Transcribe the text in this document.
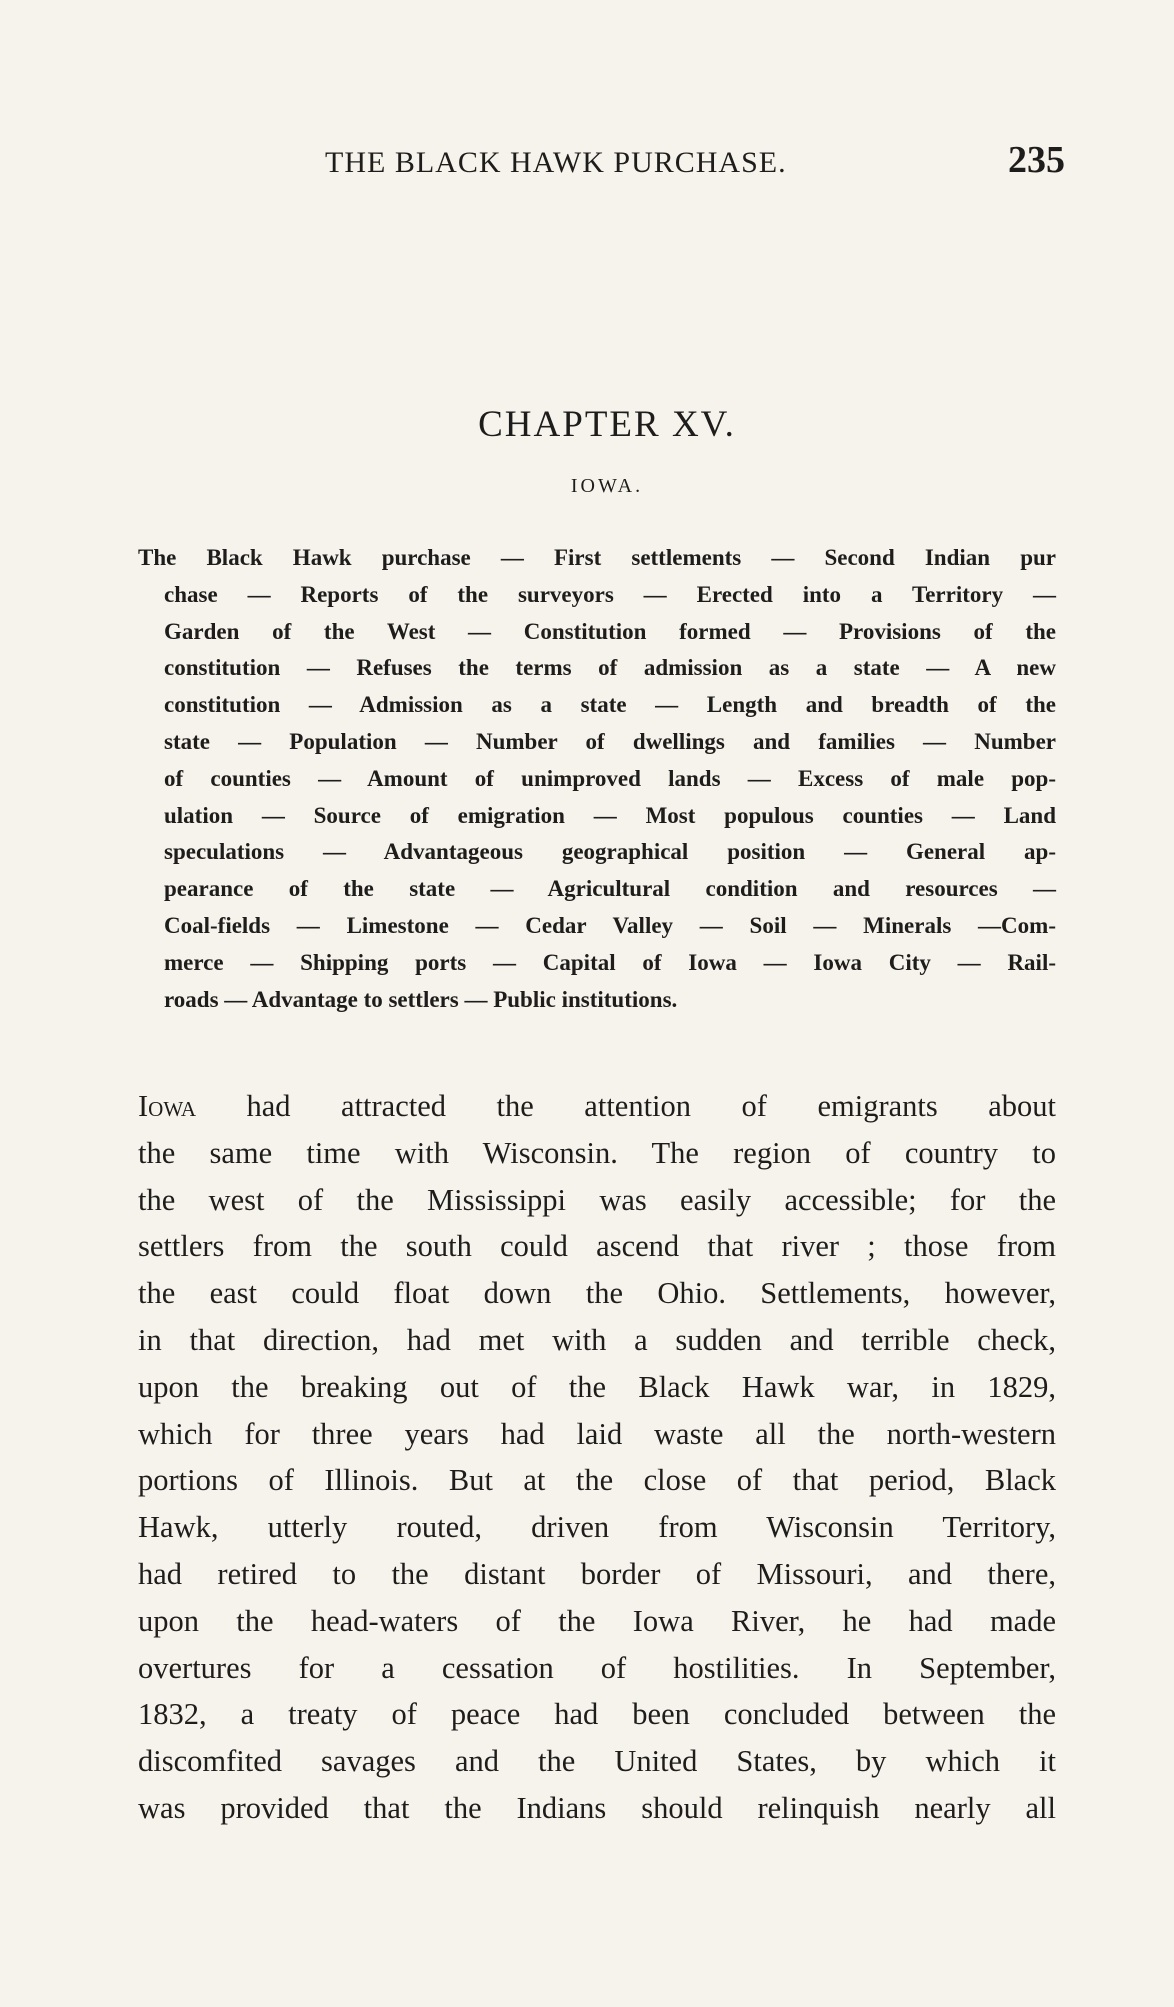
THE BLACK HAWK PURCHASE.	235
CHAPTER XV.
IOWA.
The Black Hawk purchase — First settlements — Second Indian pur
chase — Reports of the surveyors — Erected into a Territory —
Garden of the West — Constitution formed — Provisions of the
constitution — Refuses the terms of admission as a state — A new
constitution — Admission as a state — Length and breadth of the
state — Population — Number of dwellings and families — Number
of counties — Amount of unimproved lands — Excess of male pop-
ulation — Source of emigration — Most populous counties — Land
speculations — Advantageous geographical position — General ap-
pearance of the state — Agricultural condition and resources —
Coal-fields — Limestone — Cedar Valley — Soil — Minerals —Com-
merce — Shipping ports — Capital of Iowa — Iowa City — Rail-
roads — Advantage to settlers — Public institutions.
Iowa had attracted the attention of emigrants about
the same time with Wisconsin. The region of country to
the west of the Mississippi was easily accessible; for the
settlers from the south could ascend that river ; those from
the east could float down the Ohio. Settlements, however,
in that direction, had met with a sudden and terrible check,
upon the breaking out of the Black Hawk war, in 1829,
which for three years had laid waste all the north-western
portions of Illinois. But at the close of that period, Black
Hawk, utterly routed, driven from Wisconsin Territory,
had retired to the distant border of Missouri, and there,
upon the head-waters of the Iowa River, he had made
overtures for a cessation of hostilities. In September,
1832, a treaty of peace had been concluded between the
discomfited savages and the United States, by which it
was provided that the Indians should relinquish nearly all
